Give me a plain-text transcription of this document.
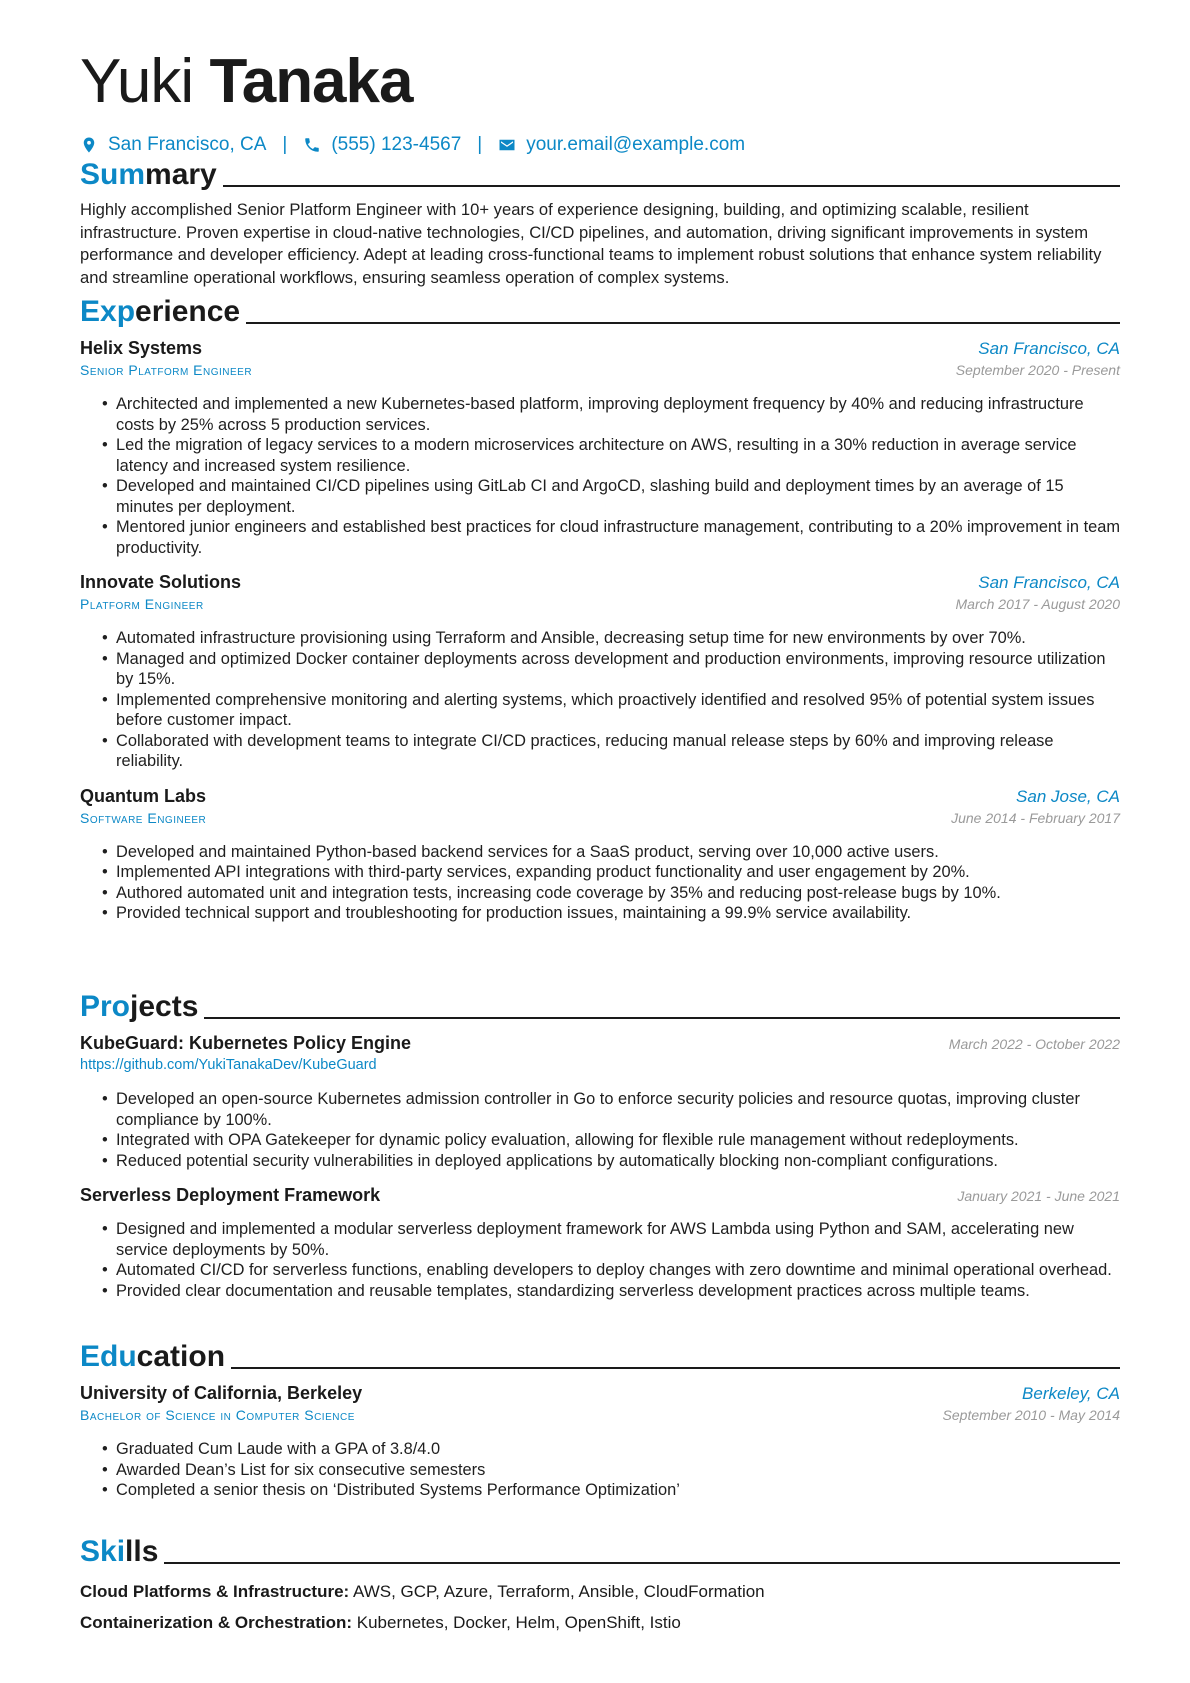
Yuki Tanaka
San Francisco, CA | (555) 123-4567 | your.email@example.com
Summary
Highly accomplished Senior Platform Engineer with 10+ years of experience designing, building, and optimizing scalable, resilient infrastructure. Proven expertise in cloud-native technologies, CI/CD pipelines, and automation, driving significant improvements in system performance and developer efficiency. Adept at leading cross-functional teams to implement robust solutions that enhance system reliability and streamline operational workflows, ensuring seamless operation of complex systems.
Experience
Helix Systems	San Francisco, CA
Senior Platform Engineer	September 2020 - Present
• Architected and implemented a new Kubernetes-based platform, improving deployment frequency by 40% and reducing infrastructure costs by 25% across 5 production services.
• Led the migration of legacy services to a modern microservices architecture on AWS, resulting in a 30% reduction in average service latency and increased system resilience.
• Developed and maintained CI/CD pipelines using GitLab CI and ArgoCD, slashing build and deployment times by an average of 15 minutes per deployment.
• Mentored junior engineers and established best practices for cloud infrastructure management, contributing to a 20% improvement in team productivity.
Innovate Solutions	San Francisco, CA
Platform Engineer	March 2017 - August 2020
• Automated infrastructure provisioning using Terraform and Ansible, decreasing setup time for new environments by over 70%.
• Managed and optimized Docker container deployments across development and production environments, improving resource utilization by 15%.
• Implemented comprehensive monitoring and alerting systems, which proactively identified and resolved 95% of potential system issues before customer impact.
• Collaborated with development teams to integrate CI/CD practices, reducing manual release steps by 60% and improving release reliability.
Quantum Labs	San Jose, CA
Software Engineer	June 2014 - February 2017
• Developed and maintained Python-based backend services for a SaaS product, serving over 10,000 active users.
• Implemented API integrations with third-party services, expanding product functionality and user engagement by 20%.
• Authored automated unit and integration tests, increasing code coverage by 35% and reducing post-release bugs by 10%.
• Provided technical support and troubleshooting for production issues, maintaining a 99.9% service availability.
Projects
KubeGuard: Kubernetes Policy Engine	March 2022 - October 2022
https://github.com/YukiTanakaDev/KubeGuard
• Developed an open-source Kubernetes admission controller in Go to enforce security policies and resource quotas, improving cluster compliance by 100%.
• Integrated with OPA Gatekeeper for dynamic policy evaluation, allowing for flexible rule management without redeployments.
• Reduced potential security vulnerabilities in deployed applications by automatically blocking non-compliant configurations.
Serverless Deployment Framework	January 2021 - June 2021
• Designed and implemented a modular serverless deployment framework for AWS Lambda using Python and SAM, accelerating new service deployments by 50%.
• Automated CI/CD for serverless functions, enabling developers to deploy changes with zero downtime and minimal operational overhead.
• Provided clear documentation and reusable templates, standardizing serverless development practices across multiple teams.
Education
University of California, Berkeley	Berkeley, CA
Bachelor of Science in Computer Science	September 2010 - May 2014
• Graduated Cum Laude with a GPA of 3.8/4.0
• Awarded Dean’s List for six consecutive semesters
• Completed a senior thesis on ‘Distributed Systems Performance Optimization’
Skills
Cloud Platforms & Infrastructure: AWS, GCP, Azure, Terraform, Ansible, CloudFormation
Containerization & Orchestration: Kubernetes, Docker, Helm, OpenShift, Istio
